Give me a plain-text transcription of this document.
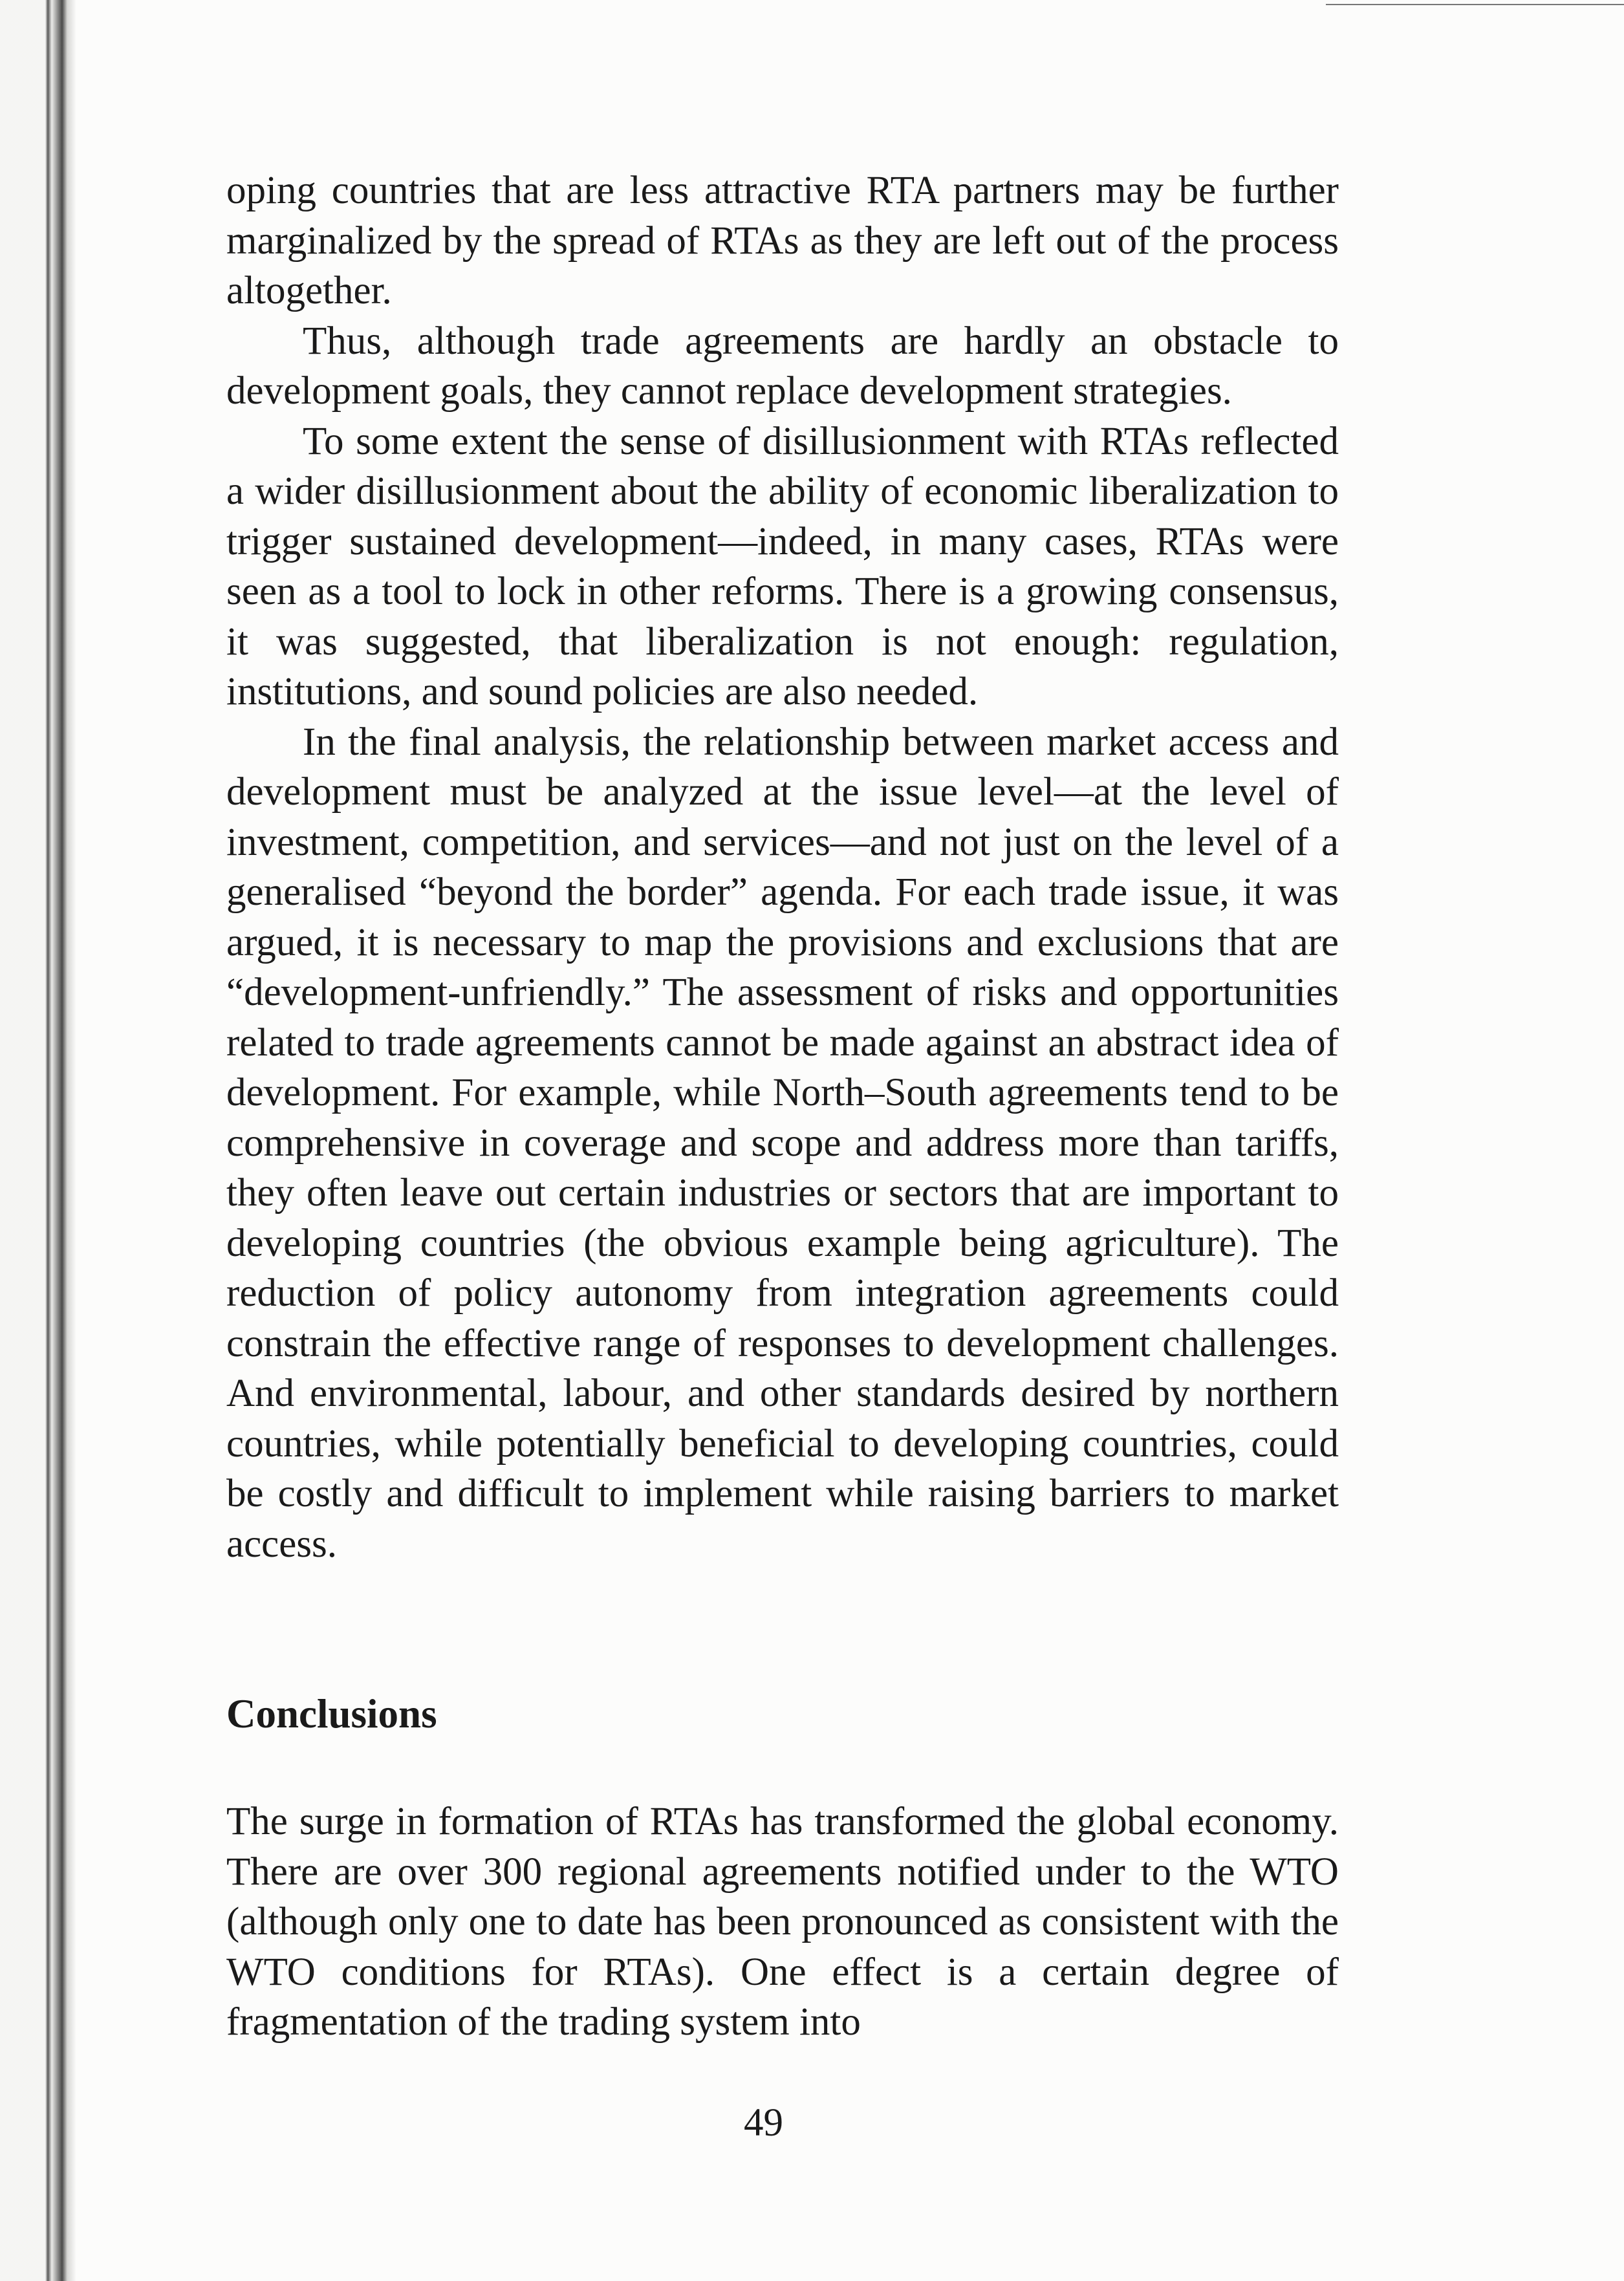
oping countries that are less attractive RTA partners may be further marginalized by the spread of RTAs as they are left out of the process altogether.

Thus, although trade agreements are hardly an obstacle to development goals, they cannot replace development strategies.

To some extent the sense of disillusionment with RTAs reflected a wider disillusionment about the ability of economic liberalization to trigger sustained development—indeed, in many cases, RTAs were seen as a tool to lock in other reforms. There is a growing consensus, it was suggested, that liberalization is not enough: regulation, institutions, and sound policies are also needed.

In the final analysis, the relationship between market access and development must be analyzed at the issue level—at the level of investment, competition, and services—and not just on the level of a generalised “beyond the border” agenda. For each trade issue, it was argued, it is necessary to map the provisions and exclusions that are “development-unfriendly.” The assessment of risks and opportunities related to trade agreements cannot be made against an abstract idea of development. For example, while North–South agreements tend to be comprehensive in coverage and scope and address more than tariffs, they often leave out certain industries or sectors that are important to developing countries (the obvious example being agriculture). The reduction of policy autonomy from integration agreements could constrain the effective range of responses to development challenges. And environmental, labour, and other standards desired by northern countries, while potentially beneficial to developing countries, could be costly and difficult to implement while raising barriers to market access.

Conclusions

The surge in formation of RTAs has transformed the global economy. There are over 300 regional agreements notified under to the WTO (although only one to date has been pronounced as consistent with the WTO conditions for RTAs). One effect is a certain degree of fragmentation of the trading system into

49
